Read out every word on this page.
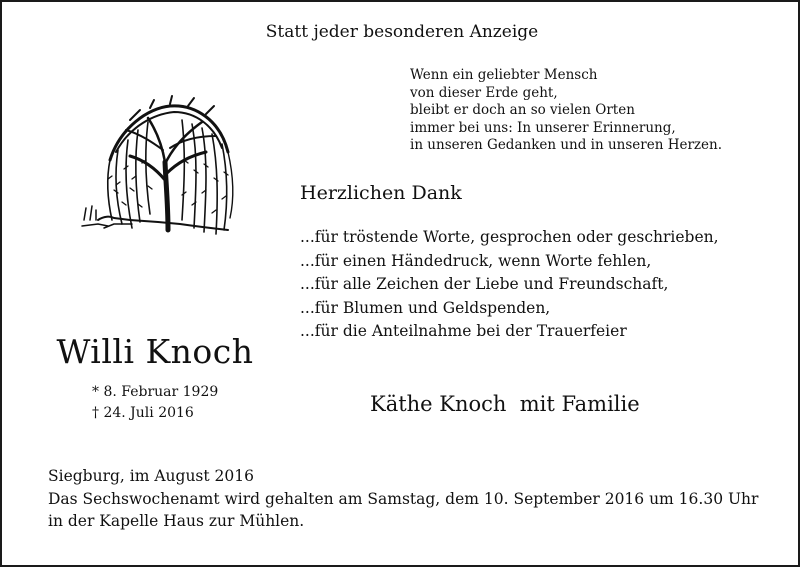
Statt jeder besonderen Anzeige
Wenn ein geliebter Mensch
von dieser Erde geht,
bleibt er doch an so vielen Orten
immer bei uns: In unserer Erinnerung,
in unseren Gedanken und in unseren Herzen.
Herzlichen Dank
...für tröstende Worte, gesprochen oder geschrieben,
...für einen Händedruck, wenn Worte fehlen,
...für alle Zeichen der Liebe und Freundschaft,
...für Blumen und Geldspenden,
...für die Anteilnahme bei der Trauerfeier
Willi Knoch
* 8. Februar 1929
† 24. Juli 2016	Käthe Knoch  mit Familie
Siegburg, im August 2016
Das Sechswochenamt wird gehalten am Samstag, dem 10. September 2016 um 16.30 Uhr
in der Kapelle Haus zur Mühlen.
